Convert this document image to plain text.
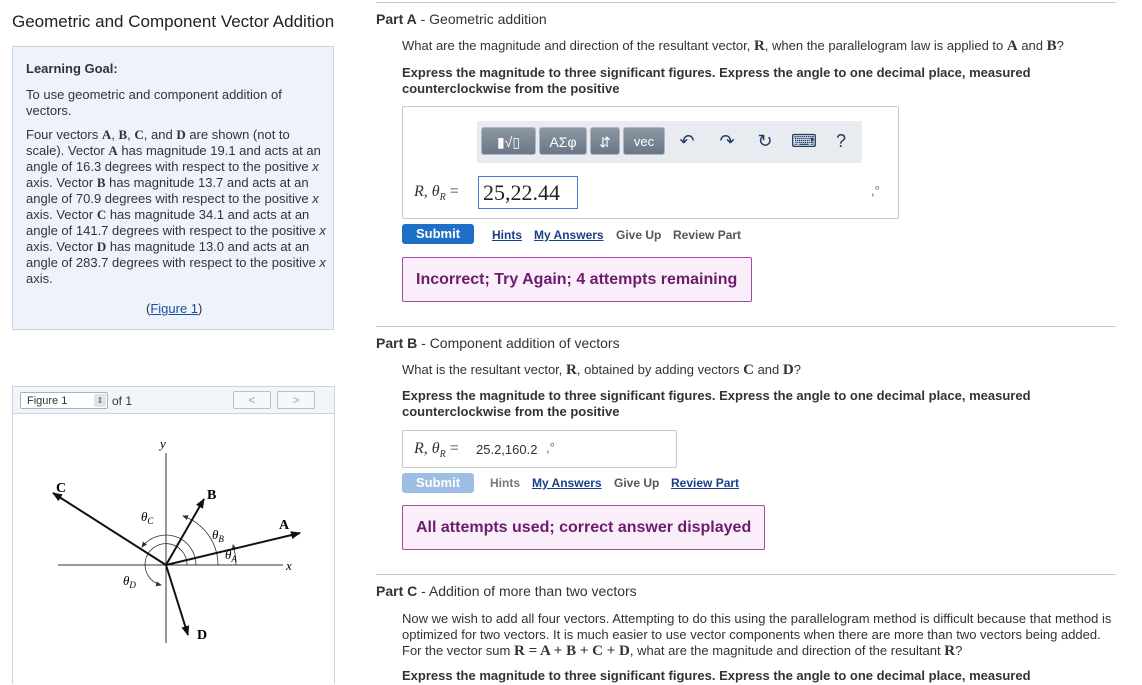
Geometric and Component Vector Addition
Learning Goal:
To use geometric and component addition of vectors.
Four vectors A, B, C, and D are shown (not to scale). Vector A has magnitude 19.1 and acts at an angle of 16.3 degrees with respect to the positive x axis. Vector B has magnitude 13.7 and acts at an angle of 70.9 degrees with respect to the positive x axis. Vector C has magnitude 34.1 and acts at an angle of 141.7 degrees with respect to the positive x axis. Vector D has magnitude 13.0 and acts at an angle of 283.7 degrees with respect to the positive x axis.
(Figure 1)
Figure 1	⇕ of 1	<	>
y
x
A
B
C
D
$\theta_A$
$\theta_B$
$\theta_C$
$\theta_D$
Part A - Geometric addition
What are the magnitude and direction of the resultant vector, R, when the parallelogram law is applied to A and B?
Express the magnitude to three significant figures. Express the angle to one decimal place, measured counterclockwise from the positive
▮√▯	ΑΣφ	⇵	vec	↶ ↷ ↻ ⌨ ?
R, $\theta_R = 25,22.44$	,°
Submit	Hints My Answers Give Up Review Part
Incorrect; Try Again; 4 attempts remaining
Part B - Component addition of vectors
What is the resultant vector, R, obtained by adding vectors C and D?
Express the magnitude to three significant figures. Express the angle to one decimal place, measured counterclockwise from the positive
R, $\theta_R = 25.2,160.2$ ,°
Submit	Hints My Answers Give Up Review Part
All attempts used; correct answer displayed
Part C - Addition of more than two vectors
Now we wish to add all four vectors. Attempting to do this using the parallelogram method is difficult because that method is optimized for two vectors. It is much easier to use vector components when there are more than two vectors being added. For the vector sum R = A + B + C + D, what are the magnitude and direction of the resultant R?
Express the magnitude to three significant figures. Express the angle to one decimal place, measured
